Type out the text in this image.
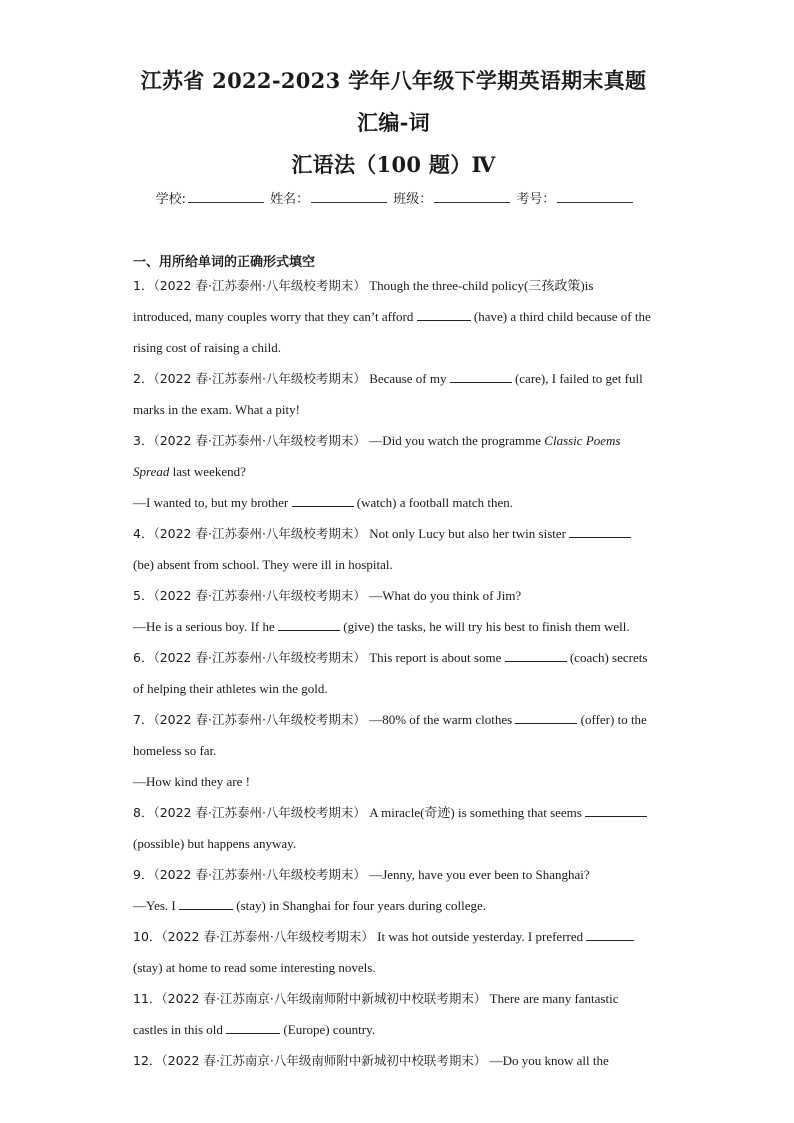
江苏省 2022-2023 学年八年级下学期英语期末真题汇编-词
汇语法（100 题）Ⅳ
学校:	姓名：	班级：	考号：
一、用所给单词的正确形式填空
1．（2022 春·江苏泰州·八年级校考期末） Though the three-child policy(三孩政策)is introduced, many couples worry that they can’t afford	(have) a third child because of the rising cost of raising a child.
2．（2022 春·江苏泰州·八年级校考期末） Because of my	(care), I failed to get full marks in the exam. What a pity!

3．（2022 春·江苏泰州·八年级校考期末） —Did you watch the programme Classic Poems Spread last weekend?

—I wanted to, but my brother	(watch) a football match then.

4．（2022 春·江苏泰州·八年级校考期末） Not only Lucy but also her twin sister  (be) absent from school. They were ill in hospital.

5．（2022 春·江苏泰州·八年级校考期末） —What do you think of Jim?

—He is a serious boy. If he	(give) the tasks, he will try his best to finish them well.

6．（2022 春·江苏泰州·八年级校考期末） This report is about some	(coach) secrets of helping their athletes win the gold.

7．（2022 春·江苏泰州·八年级校考期末） —80% of the warm clothes	(offer) to the homeless so far.

—How kind they are !

8．（2022 春·江苏泰州·八年级校考期末） A miracle(奇迹) is something that seems  (possible) but happens anyway.

9．（2022 春·江苏泰州·八年级校考期末） —Jenny, have you ever been to Shanghai?

—Yes. I	(stay) in Shanghai for four years during college.

10．（2022 春·江苏泰州·八年级校考期末） It was hot outside yesterday. I preferred  (stay) at home to read some interesting novels.
11．（2022 春·江苏南京·八年级南师附中新城初中校联考期末） There are many fantastic castles in this old	(Europe) country.
12．（2022 春·江苏南京·八年级南师附中新城初中校联考期末） —Do you know all the
